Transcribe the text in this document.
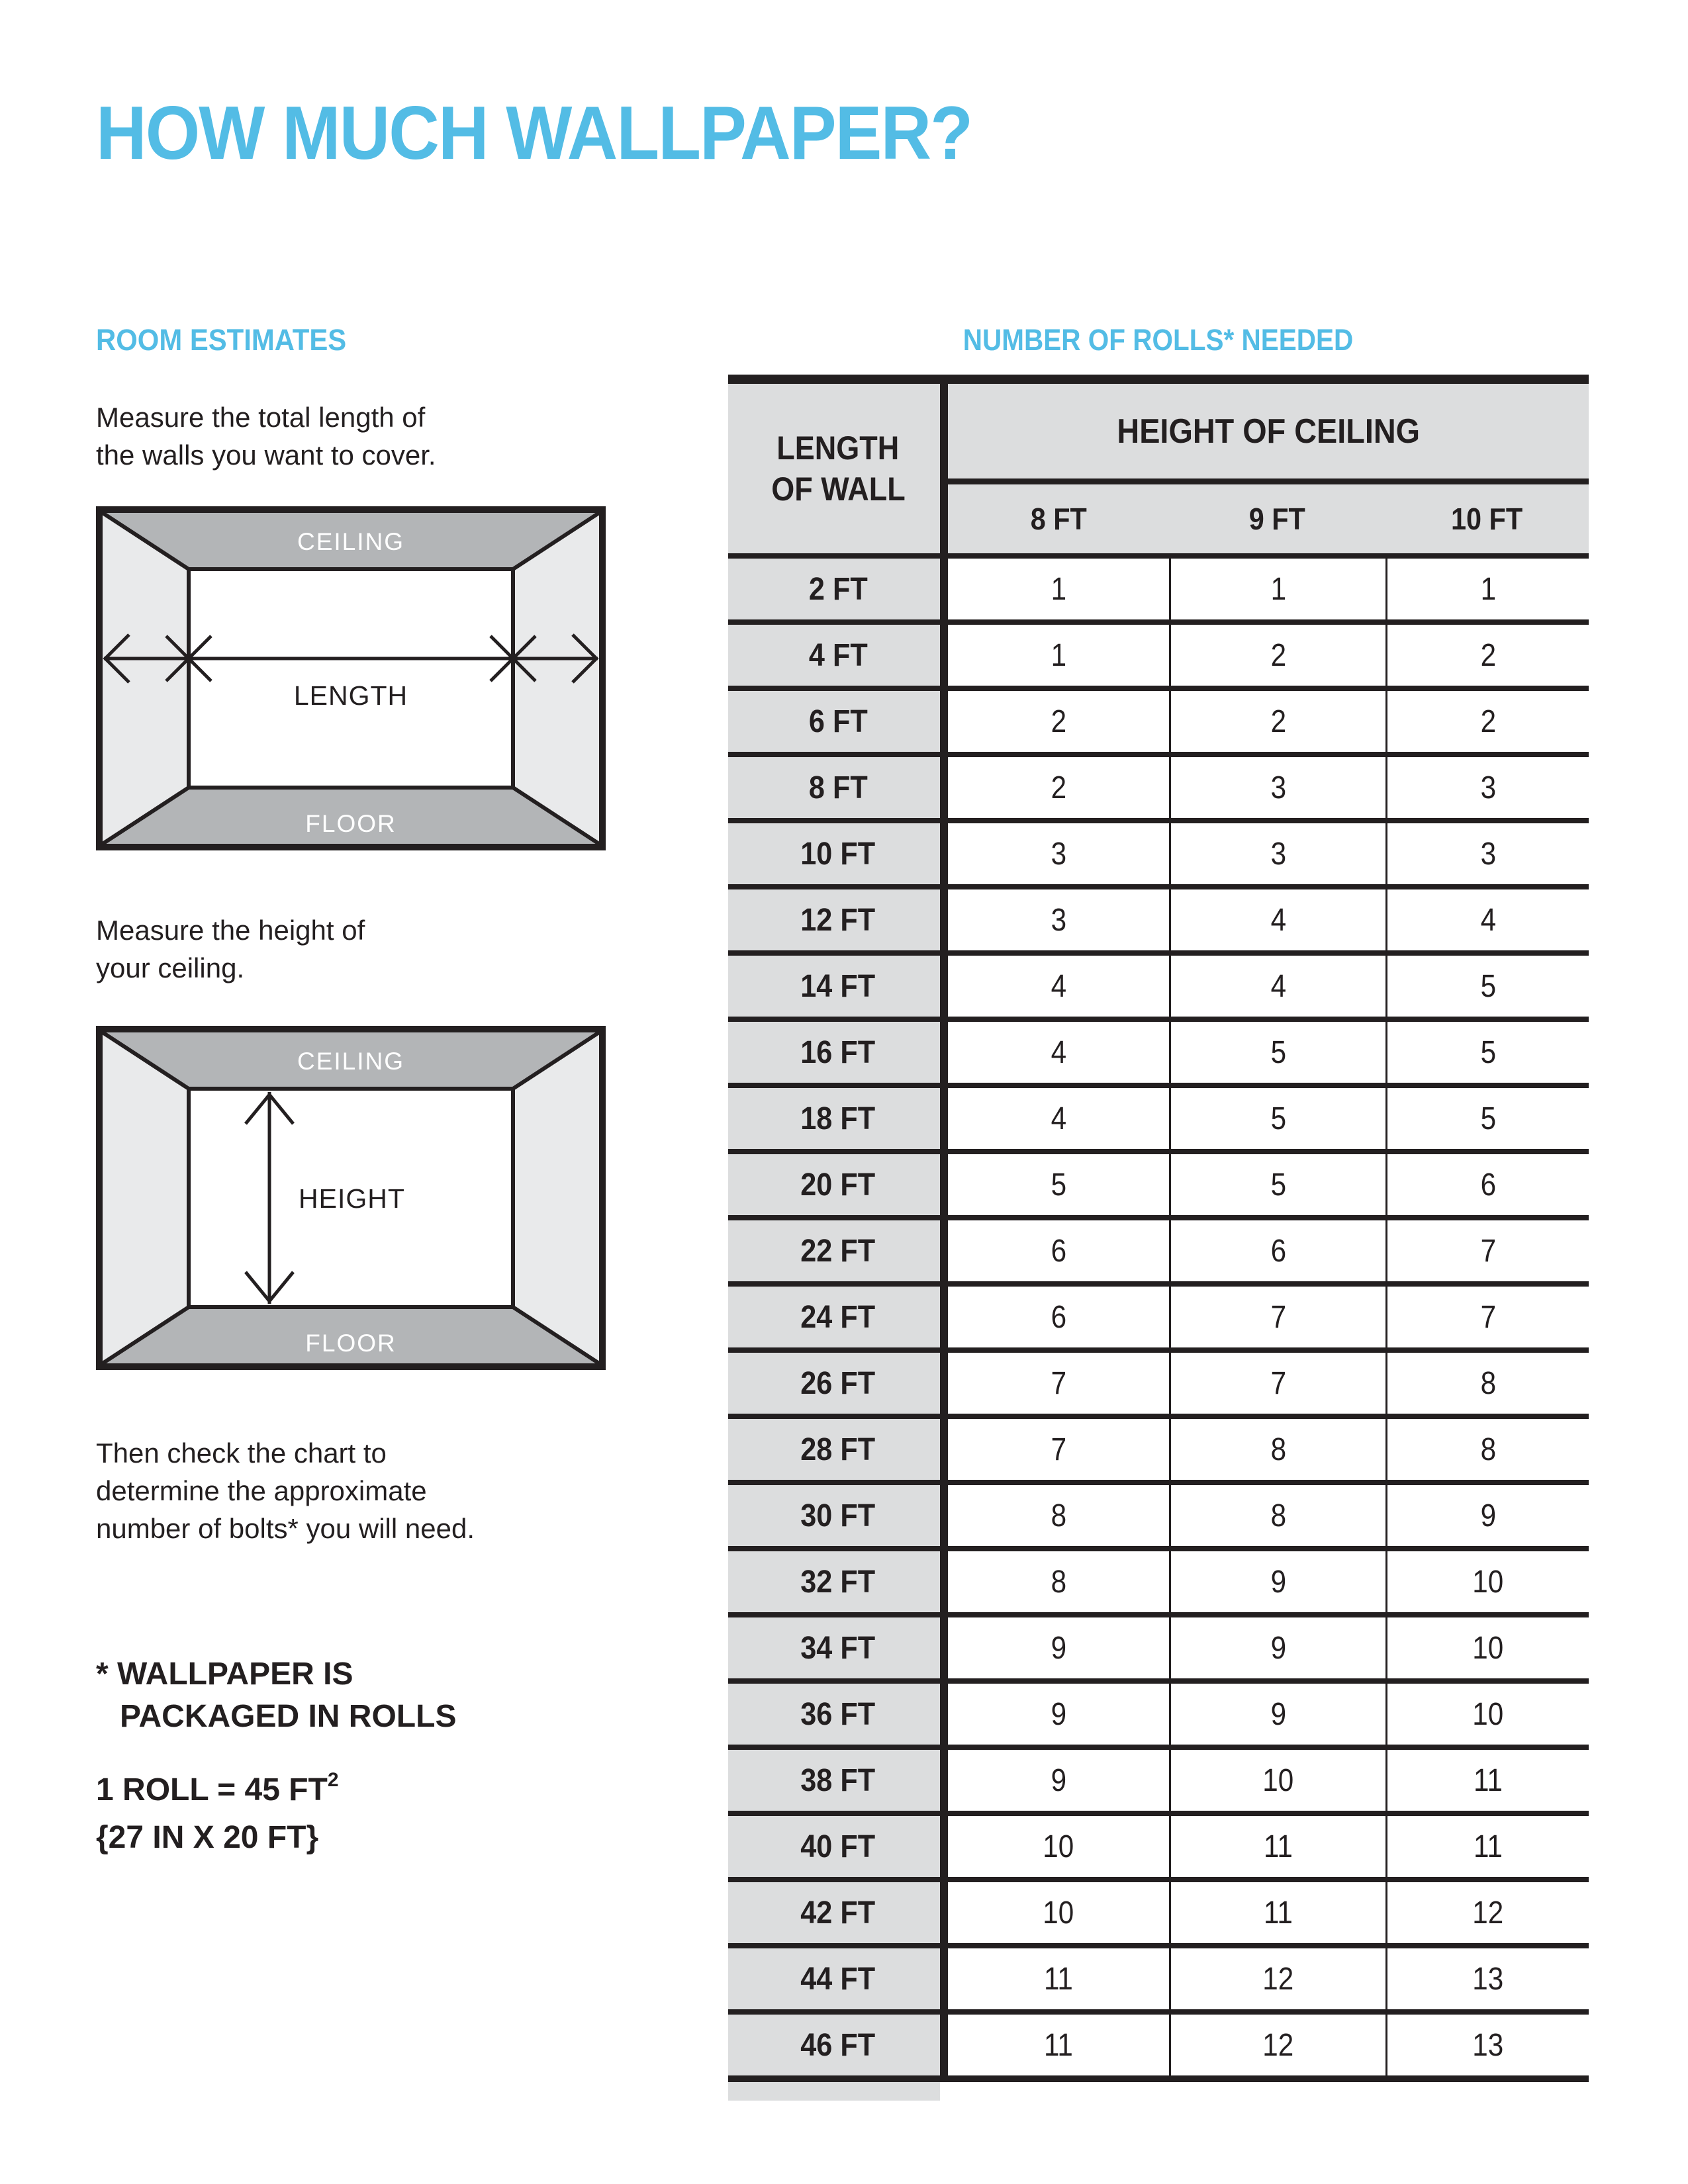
HOW MUCH WALLPAPER?
ROOM ESTIMATES
Measure the total length of
the walls you want to cover.
CEILING
FLOOR
LENGTH
Measure the height of
your ceiling.
CEILING
FLOOR
HEIGHT
Then check the chart to
determine the approximate
number of bolts* you will need.
* WALLPAPER IS
PACKAGED IN ROLLS
1 ROLL = 45 $FT^2$
{27 IN X 20 FT}
NUMBER OF ROLLS* NEEDED
LENGTH
OF WALL
HEIGHT OF CEILING
8 FT	9 FT	10 FT
2 FT	1	1	1
4 FT	1	2	2
6 FT	2	2	2
8 FT	2	3	3
10 FT	3	3	3
12 FT	3	4	4
14 FT	4	4	5
16 FT	4	5	5
18 FT	4	5	5
20 FT	5	5	6
22 FT	6	6	7
24 FT	6	7	7
26 FT	7	7	8
28 FT	7	8	8
30 FT	8	8	9
32 FT	8	9	10
34 FT	9	9	10
36 FT	9	9	10
38 FT	9	10	11
40 FT	10	11	11
42 FT	10	11	12
44 FT	11	12	13
46 FT	11	12	13
